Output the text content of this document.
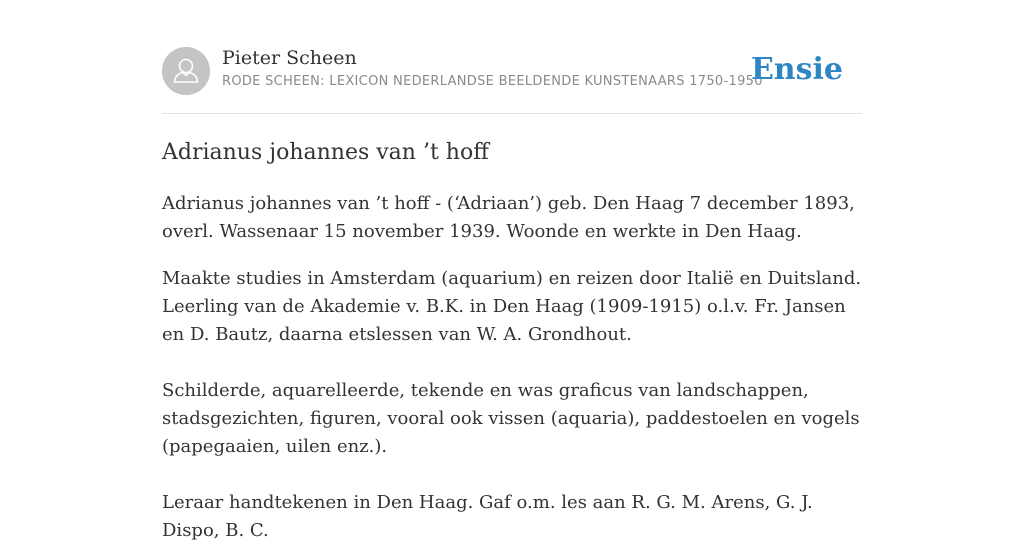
Pieter Scheen
RODE SCHEEN: LEXICON NEDERLANDSE BEELDENDE KUNSTENAARS 1750-1950
Ensie
Adrianus johannes van ’t hoff

Adrianus johannes van ’t hoff - (‘Adriaan’) geb. Den Haag 7 december 1893, overl. Wassenaar 15 november 1939. Woonde en werkte in Den Haag.

Maakte studies in Amsterdam (aquarium) en reizen door Italië en Duitsland. Leerling van de Akademie v. B.K. in Den Haag (1909-1915) o.l.v. Fr. Jansen en D. Bautz, daarna etslessen van W. A. Grondhout.
Schilderde, aquarelleerde, tekende en was graficus van landschappen, stadsgezichten, figuren, vooral ook vissen (aquaria), paddestoelen en vogels (papegaaien, uilen enz.).
Leraar handtekenen in Den Haag. Gaf o.m. les aan R. G. M. Arens, G. J. Dispo, B. C.
